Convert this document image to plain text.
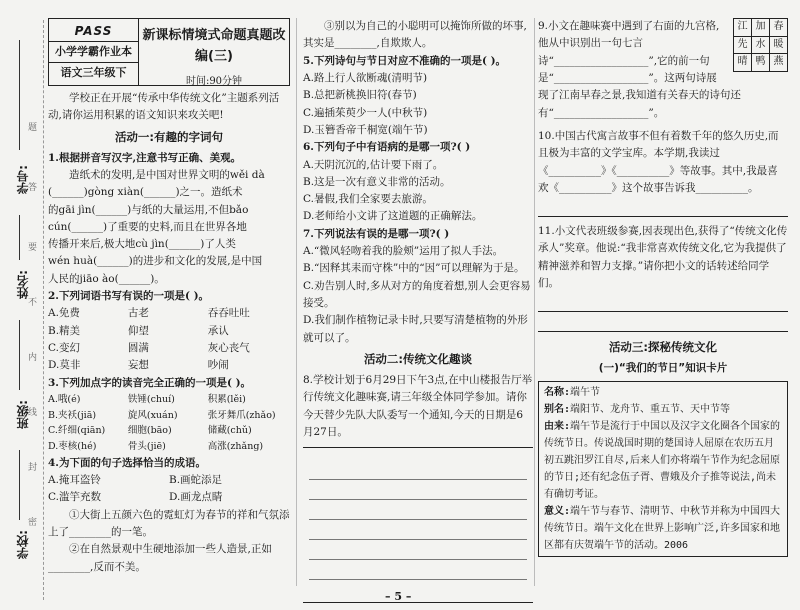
学号:
姓名:
班级:
学校:
题
答
要
不
内
线
封
密
PASS
小学学霸作业本
语文三年级下
新课标情境式命题真题改编(三)
时间:90分钟
学校正在开展“传承中华传统文化”主题系列活动,请你运用积累的语文知识来攻关吧!
活动一:有趣的字词句
1.根据拼音写汉字,注意书写正确、美观。
造纸术的发明,是中国对世界文明的wěi dà
(______)gòng xiàn(______)之一。造纸术
的gāi jìn(______)与纸的大量运用,不但bǎo
cún(______)了重要的史料,而且在世界各地
传播开来后,极大地cù jìn(______)了人类
wén huà(______)的进步和文化的发展,是中国
人民的jiāo ào(______)。
2.下列词语书写有误的一项是( )。
A.免费	古老	吞吞吐吐
B.精美	仰望	承认
C.变幻	圆满	灰心丧气
D.莫非	妄想	吵闹
3.下列加点字的读音完全正确的一项是( )。
A.哦(é)	铁锤(chuí)	积累(lěi)
B.夹袄(jiā)	旋风(xuán)	张牙舞爪(zhǎo)
C.纤细(qiān)	细胞(bāo)	储藏(chǔ)
D.枣核(hé)	骨头(jiē)	高涨(zhǎng)
4.为下面的句子选择恰当的成语。
A.掩耳盗铃	B.画蛇添足
C.滥竽充数	D.画龙点睛
①大街上五颜六色的霓虹灯为春节的祥和气氛添上了________的一笔。
②在自然景观中生硬地添加一些人造景,正如________,反而不美。
③别以为自己的小聪明可以掩饰所做的坏事,其实是________,自欺欺人。
5.下列诗句与节日对应不准确的一项是( )。
A.路上行人欲断魂(清明节)
B.总把新桃换旧符(春节)
C.遍插茱萸少一人(中秋节)
D.玉簪香帝千桐宽(端午节)
6.下列句子中有语病的是哪一项?( )
A.天阴沉沉的,估计要下雨了。
B.这是一次有意义非常的活动。
C.暑假,我们全家要去旅游。
D.老师给小文讲了这道题的正确解法。
7.下列说法有误的是哪一项?( )
A.“微风轻吻着我的脸颊”运用了拟人手法。
B.“因释其耒而守株”中的“因”可以理解为于是。
C.劝告别人时,多从对方的角度着想,别人会更容易接受。
D.我们制作植物记录卡时,只要写清楚植物的外形就可以了。
活动二:传统文化趣谈
8.学校计划于6月29日下午3点,在中山楼报告厅举行传统文化趣味赛,请三年级全体同学参加。请你今天替少先队大队委写一个通知,今天的日期是6月27日。
江	加	春
先	水	暖
晴	鸭	燕
9.小文在趣味赛中遇到了右面的九宫格,他从中识别出一句七言诗“__________________”,它的前一句是“__________________”。这两句诗展现了江南早春之景,我知道有关春天的诗句还有“__________________”。
10.中国古代寓言故事不但有着数千年的悠久历史,而且极为丰富的文学宝库。本学期,我读过《__________》《__________》等故事。其中,我最喜欢《__________》这个故事告诉我__________。
11.小文代表班级参赛,因表现出色,获得了“传统文化传承人”奖章。他说:“我非常喜欢传统文化,它为我提供了精神滋养和智力支撑。”请你把小文的话转述给同学们。
活动三:探秘传统文化
(一)“我们的节日”知识卡片
名称:端午节
别名:端阳节、龙舟节、重五节、天中节等
由来:端午节是流行于中国以及汉字文化圈各个国家的传统节日。传说战国时期的楚国诗人屈原在农历五月初五跳汨罗江自尽,后来人们亦将端午节作为纪念屈原的节日;还有纪念伍子胥、曹娥及介子推等说法,尚未有确切考证。
意义:端午节与春节、清明节、中秋节并称为中国四大传统节日。端午文化在世界上影响广泛,许多国家和地区都有庆贺端午节的活动。2006
– 5 –
